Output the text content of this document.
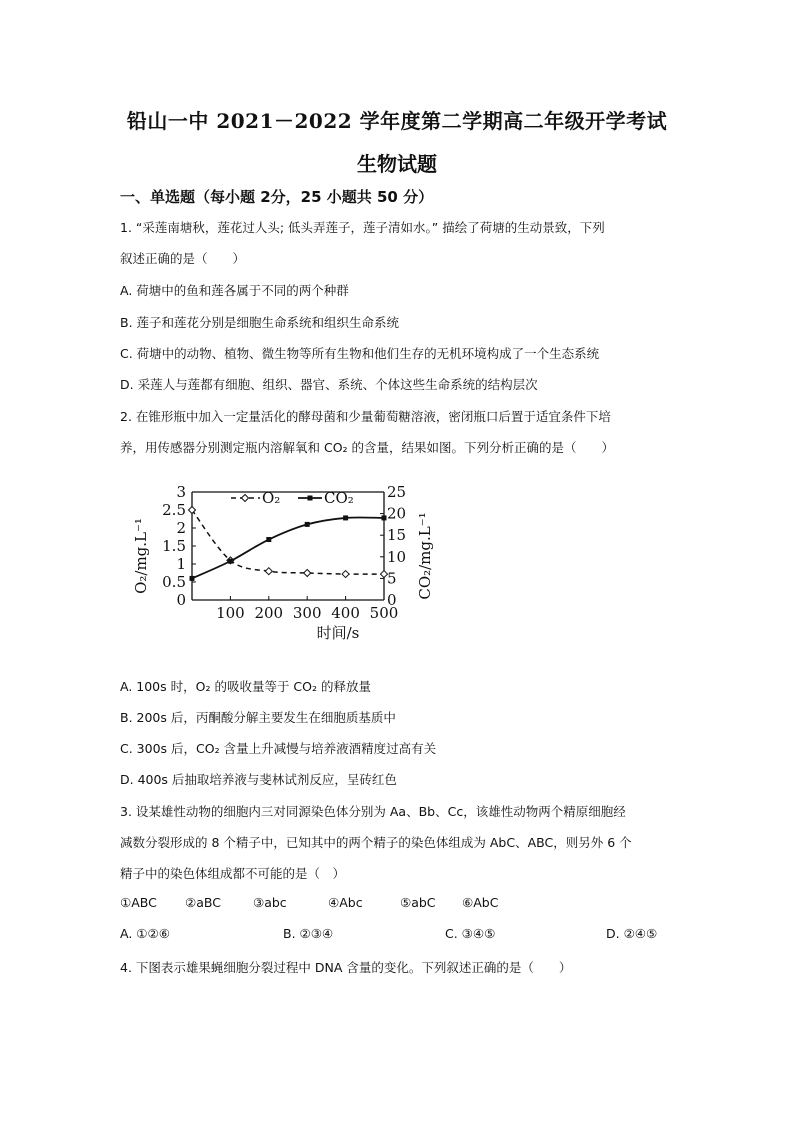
铅山一中 2021－2022 学年度第二学期高二年级开学考试
生物试题
一、单选题（每小题 2分，25 小题共 50 分）
1. “采莲南塘秋，莲花过人头; 低头弄莲子，莲子清如水。” 描绘了荷塘的生动景致，下列
叙述正确的是（　　）
A. 荷塘中的鱼和莲各属于不同的两个种群
B. 莲子和莲花分别是细胞生命系统和组织生命系统
C. 荷塘中的动物、植物、微生物等所有生物和他们生存的无机环境构成了一个生态系统
D. 采莲人与莲都有细胞、组织、器官、系统、个体这些生命系统的结构层次
2. 在锥形瓶中加入一定量活化的酵母菌和少量葡萄糖溶液，密闭瓶口后置于适宜条件下培
养，用传感器分别测定瓶内溶解氧和 CO₂ 的含量，结果如图。下列分析正确的是（　　）
O₂	CO₂
0
0.5
1
1.5
2
2.5
3
0
5
10
15
20
25
100 200 300 400 500
时间/s
O₂/mg.L⁻¹	CO₂/mg.L⁻¹
A. 100s 时，O₂ 的吸收量等于 CO₂ 的释放量
B. 200s 后，丙酮酸分解主要发生在细胞质基质中
C. 300s 后，CO₂ 含量上升减慢与培养液酒精度过高有关
D. 400s 后抽取培养液与斐林试剂反应，呈砖红色
3. 设某雄性动物的细胞内三对同源染色体分别为 Aa、Bb、Cc，该雄性动物两个精原细胞经
减数分裂形成的 8 个精子中，已知其中的两个精子的染色体组成为 AbC、ABC，则另外 6 个
精子中的染色体组成都不可能的是（　）
①ABC ②aBC	③abc	④Abc	⑤abC ⑥AbC
A. ①②⑥	B. ②③④	C. ③④⑤	D. ②④⑤
4. 下图表示雄果蝇细胞分裂过程中 DNA 含量的变化。下列叙述正确的是（　　）
